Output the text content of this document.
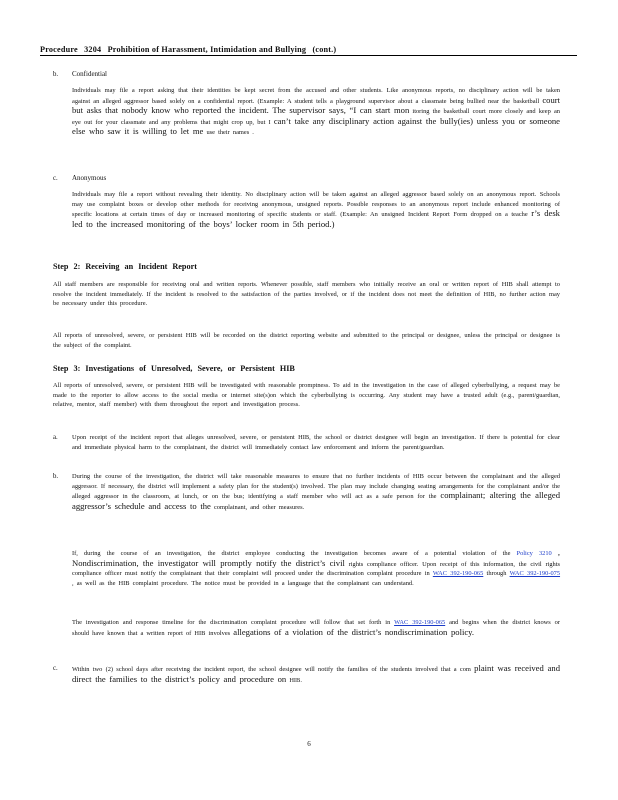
Procedure 3204 Prohibition of Harassment, Intimidation and Bullying (cont.)
b. Confidential
Individuals may file a report asking that their identities be kept secret from the accused and other students. Like anonymous reports, no disciplinary action will be taken against an alleged aggressor based solely on a confidential report. (Example: A student tells a playground supervisor about a classmate being bullied near the basketball court but asks that nobody know who reported the incident. The supervisor says, “I can start mon itoring the basketball court more closely and keep an eye out for your classmate and any problems that might crop up, but I can’t take any disciplinary action against the bully(ies) unless you or someone else who saw it is willing to let me use their names .
c. Anonymous
Individuals may file a report without revealing their identity. No disciplinary action will be taken against an alleged aggressor based solely on an anonymous report. Schools may use complaint boxes or develop other methods for receiving anonymous, unsigned reports. Possible responses to an anonymous report include enhanced monitoring of specific locations at certain times of day or increased monitoring of specific students or staff. (Example: An unsigned Incident Report Form dropped on a teache r’s desk led to the increased monitoring of the boys’ locker room in 5th period.)
Step 2: Receiving an Incident Report
All staff members are responsible for receiving oral and written reports. Whenever possible, staff members who initially receive an oral or written report of HIB shall attempt to resolve the incident immediately. If the incident is resolved to the satisfaction of the parties involved, or if the incident does not meet the definition of HIB, no further action may be necessary under this procedure.
All reports of unresolved, severe, or persistent HIB will be recorded on the district reporting website and submitted to the principal or designee, unless the principal or designee is the subject of the complaint.
Step 3: Investigations of Unresolved, Severe, or Persistent HIB
All reports of unresolved, severe, or persistent HIB will be investigated with reasonable promptness. To aid in the investigation in the case of alleged cyberbullying, a request may be made to the reporter to allow access to the social media or internet site(s)on which the cyberbullying is occurring. Any student may have a trusted adult (e.g., parent/guardian, relative, mentor, staff member) with them throughout the report and investigation process.
a. Upon receipt of the incident report that alleges unresolved, severe, or persistent HIB, the school or district designee will begin an investigation. If there is potential for clear and immediate physical harm to the complainant, the district will immediately contact law enforcement and inform the parent/guardian.
b. During the course of the investigation, the district will take reasonable measures to ensure that no further incidents of HIB occur between the complainant and the alleged aggressor. If necessary, the district will implement a safety plan for the student(s) involved. The plan may include changing seating arrangements for the complainant and/or the alleged aggressor in the classroom, at lunch, or on the bus; identifying a staff member who will act as a safe person for the complainant; altering the alleged aggressor’s schedule and access to the complainant, and other measures.
If, during the course of an investigation, the district employee conducting the investigation becomes aware of a potential violation of the Policy 3210 , Nondiscrimination, the investigator will promptly notify the district’s civil rights compliance officer. Upon receipt of this information, the civil rights compliance officer must notify the complainant that their complaint will proceed under the discrimination complaint procedure in WAC 392-190-065 through WAC 392-190-075 , as well as the HIB complaint procedure. The notice must be provided in a language that the complainant can understand.
The investigation and response timeline for the discrimination complaint procedure will follow that set forth in WAC 392-190-065 and begins when the district knows or should have known that a written report of HIB involves allegations of a violation of the district’s nondiscrimination policy.
c. Within two (2) school days after receiving the incident report, the school designee will notify the families of the students involved that a com plaint was received and direct the families to the district’s policy and procedure on HIB.
6
